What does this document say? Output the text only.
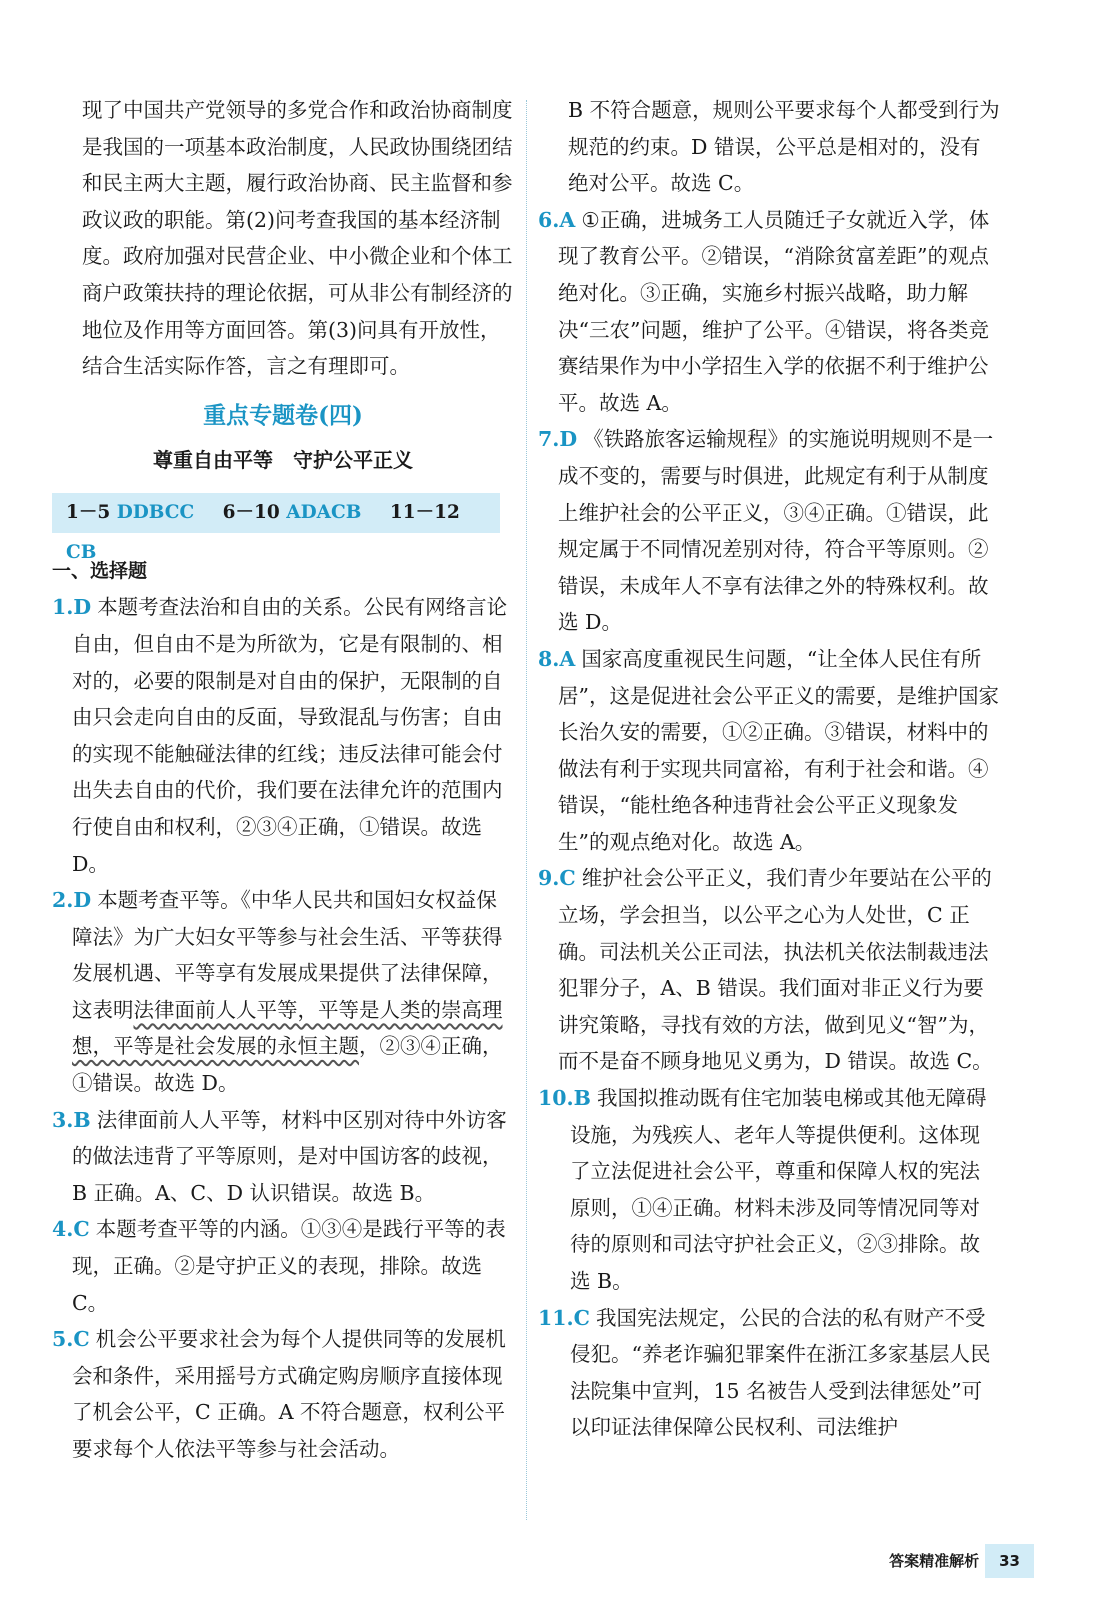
现了中国共产党领导的多党合作和政治协商制度是我国的一项基本政治制度，人民政协围绕团结和民主两大主题，履行政治协商、民主监督和参政议政的职能。第(2)问考查我国的基本经济制度。政府加强对民营企业、中小微企业和个体工商户政策扶持的理论依据，可从非公有制经济的地位及作用等方面回答。第(3)问具有开放性，结合生活实际作答，言之有理即可。
重点专题卷(四)
尊重自由平等　守护公平正义
1－5 DDBCC 6－10 ADACB 11－12 CB
一、选择题
1.D 本题考查法治和自由的关系。公民有网络言论自由，但自由不是为所欲为，它是有限制的、相对的，必要的限制是对自由的保护，无限制的自由只会走向自由的反面，导致混乱与伤害；自由的实现不能触碰法律的红线；违反法律可能会付出失去自由的代价，我们要在法律允许的范围内行使自由和权利，②③④正确，①错误。故选 D。
2.D 本题考查平等。《中华人民共和国妇女权益保障法》为广大妇女平等参与社会生活、平等获得发展机遇、平等享有发展成果提供了法律保障，这表明法律面前人人平等，平等是人类的崇高理想，平等是社会发展的永恒主题，②③④正确，①错误。故选 D。
3.B 法律面前人人平等，材料中区别对待中外访客的做法违背了平等原则，是对中国访客的歧视，B 正确。A、C、D 认识错误。故选 B。
4.C 本题考查平等的内涵。①③④是践行平等的表现，正确。②是守护正义的表现，排除。故选 C。
5.C 机会公平要求社会为每个人提供同等的发展机会和条件，采用摇号方式确定购房顺序直接体现了机会公平，C 正确。A 不符合题意，权利公平要求每个人依法平等参与社会活动。
B 不符合题意，规则公平要求每个人都受到行为规范的约束。D 错误，公平总是相对的，没有绝对公平。故选 C。
6.A ①正确，进城务工人员随迁子女就近入学，体现了教育公平。②错误，“消除贫富差距”的观点绝对化。③正确，实施乡村振兴战略，助力解决“三农”问题，维护了公平。④错误，将各类竞赛结果作为中小学招生入学的依据不利于维护公平。故选 A。
7.D 《铁路旅客运输规程》的实施说明规则不是一成不变的，需要与时俱进，此规定有利于从制度上维护社会的公平正义，③④正确。①错误，此规定属于不同情况差别对待，符合平等原则。②错误，未成年人不享有法律之外的特殊权利。故选 D。
8.A 国家高度重视民生问题，“让全体人民住有所居”，这是促进社会公平正义的需要，是维护国家长治久安的需要，①②正确。③错误，材料中的做法有利于实现共同富裕，有利于社会和谐。④错误，“能杜绝各种违背社会公平正义现象发生”的观点绝对化。故选 A。
9.C 维护社会公平正义，我们青少年要站在公平的立场，学会担当，以公平之心为人处世，C 正确。司法机关公正司法，执法机关依法制裁违法犯罪分子，A、B 错误。我们面对非正义行为要讲究策略，寻找有效的方法，做到见义“智”为，而不是奋不顾身地见义勇为，D 错误。故选 C。
10.B 我国拟推动既有住宅加装电梯或其他无障碍设施，为残疾人、老年人等提供便利。这体现了立法促进社会公平，尊重和保障人权的宪法原则，①④正确。材料未涉及同等情况同等对待的原则和司法守护社会正义，②③排除。故选 B。
11.C 我国宪法规定，公民的合法的私有财产不受侵犯。“养老诈骗犯罪案件在浙江多家基层人民法院集中宣判，15 名被告人受到法律惩处”可以印证法律保障公民权利、司法维护
答案精准解析 33
